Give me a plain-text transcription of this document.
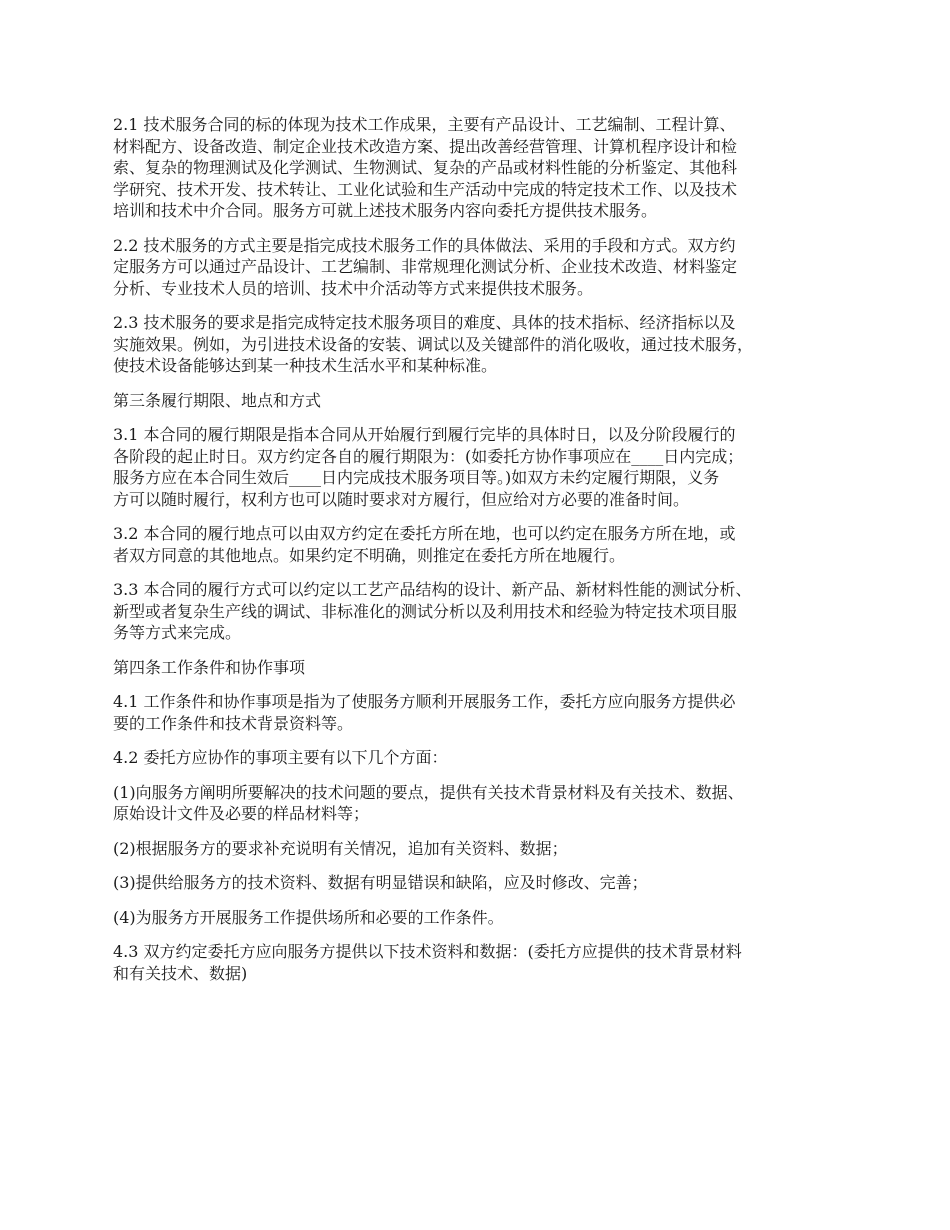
2.1 技术服务合同的标的体现为技术工作成果，主要有产品设计、工艺编制、工程计算、
材料配方、设备改造、制定企业技术改造方案、提出改善经营管理、计算机程序设计和检
索、复杂的物理测试及化学测试、生物测试、复杂的产品或材料性能的分析鉴定、其他科
学研究、技术开发、技术转让、工业化试验和生产活动中完成的特定技术工作、以及技术
培训和技术中介合同。服务方可就上述技术服务内容向委托方提供技术服务。

2.2 技术服务的方式主要是指完成技术服务工作的具体做法、采用的手段和方式。双方约
定服务方可以通过产品设计、工艺编制、非常规理化测试分析、企业技术改造、材料鉴定
分析、专业技术人员的培训、技术中介活动等方式来提供技术服务。

2.3 技术服务的要求是指完成特定技术服务项目的难度、具体的技术指标、经济指标以及
实施效果。例如，为引进技术设备的安装、调试以及关键部件的消化吸收，通过技术服务，
使技术设备能够达到某一种技术生活水平和某种标准。

第三条履行期限、地点和方式

3.1 本合同的履行期限是指本合同从开始履行到履行完毕的具体时日，以及分阶段履行的
各阶段的起止时日。双方约定各自的履行期限为：(如委托方协作事项应在____日内完成；
服务方应在本合同生效后____日内完成技术服务项目等。)如双方未约定履行期限，义务
方可以随时履行，权利方也可以随时要求对方履行，但应给对方必要的准备时间。

3.2 本合同的履行地点可以由双方约定在委托方所在地，也可以约定在服务方所在地，或
者双方同意的其他地点。如果约定不明确，则推定在委托方所在地履行。

3.3 本合同的履行方式可以约定以工艺产品结构的设计、新产品、新材料性能的测试分析、
新型或者复杂生产线的调试、非标准化的测试分析以及利用技术和经验为特定技术项目服
务等方式来完成。

第四条工作条件和协作事项

4.1 工作条件和协作事项是指为了使服务方顺利开展服务工作，委托方应向服务方提供必
要的工作条件和技术背景资料等。

4.2 委托方应协作的事项主要有以下几个方面：

(1)向服务方阐明所要解决的技术问题的要点，提供有关技术背景材料及有关技术、数据、
原始设计文件及必要的样品材料等；

(2)根据服务方的要求补充说明有关情况，追加有关资料、数据；

(3)提供给服务方的技术资料、数据有明显错误和缺陷，应及时修改、完善；

(4)为服务方开展服务工作提供场所和必要的工作条件。

4.3 双方约定委托方应向服务方提供以下技术资料和数据：(委托方应提供的技术背景材料
和有关技术、数据)
